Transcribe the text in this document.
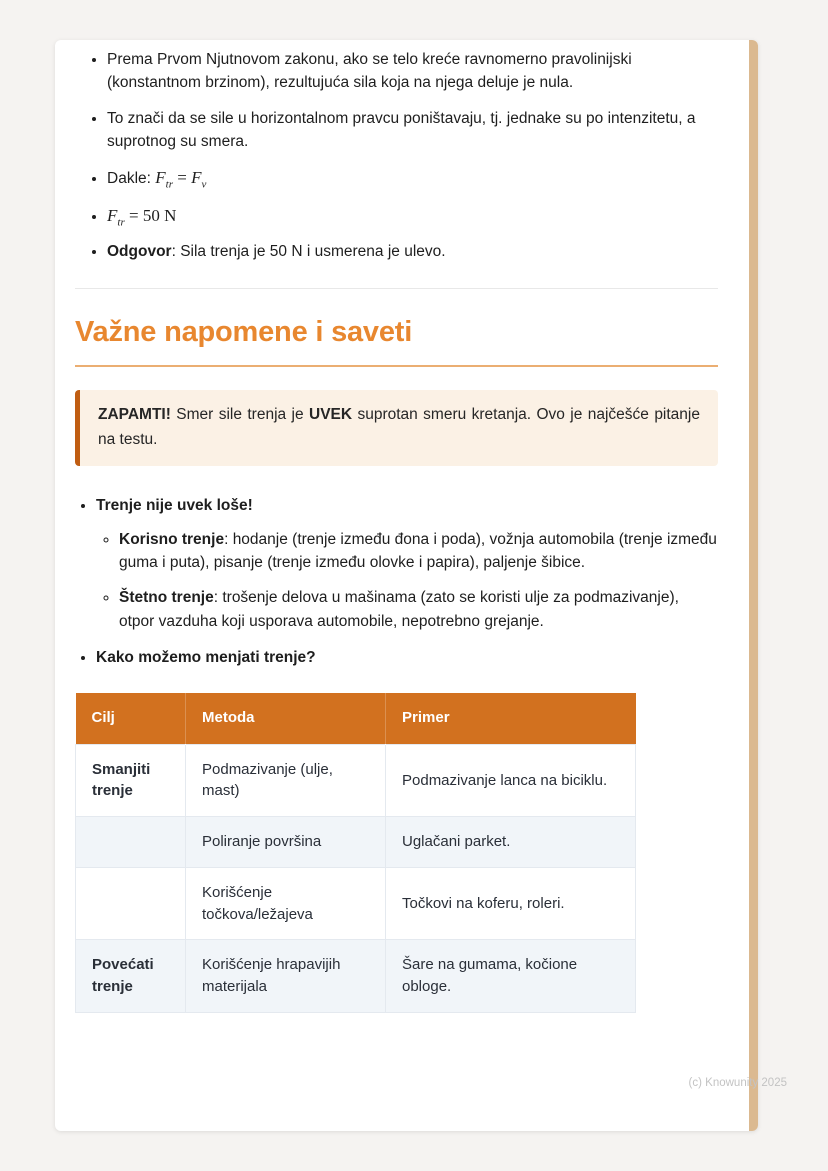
• Prema Prvom Njutnovom zakonu, ako se telo kreće ravnomerno pravolinijski (konstantnom brzinom), rezultujuća sila koja na njega deluje je nula.
• To znači da se sile u horizontalnom pravcu poništavaju, tj. jednake su po intenzitetu, a suprotnog su smera.
• Dakle: $F_{tr} = F_v$
• $F_{tr} = 50$ N
• Odgovor: Sila trenja je 50 N i usmerena je ulevo.
Važne napomene i saveti

ZAPAMTI! Smer sile trenja je UVEK suprotan smeru kretanja. Ovo je najčešće pitanje na testu.

• Trenje nije uvek loše!
◦ Korisno trenje: hodanje (trenje između đona i poda), vožnja automobila (trenje između guma i puta), pisanje (trenje između olovke i papira), paljenje šibice.
◦ Štetno trenje: trošenje delova u mašinama (zato se koristi ulje za podmazivanje), otpor vazduha koji usporava automobile, nepotrebno grejanje.
• Kako možemo menjati trenje?
Cilj	Metoda	Primer
Smanjiti trenje	Podmazivanje (ulje, mast)	Podmazivanje lanca na biciklu.
	Poliranje površina	Uglačani parket.
	Korišćenje točkova/ležajeva	Točkovi na koferu, roleri.
Povećati trenje	Korišćenje hrapavijih materijala	Šare na gumama, kočione obloge.
(c) Knowunity 2025
